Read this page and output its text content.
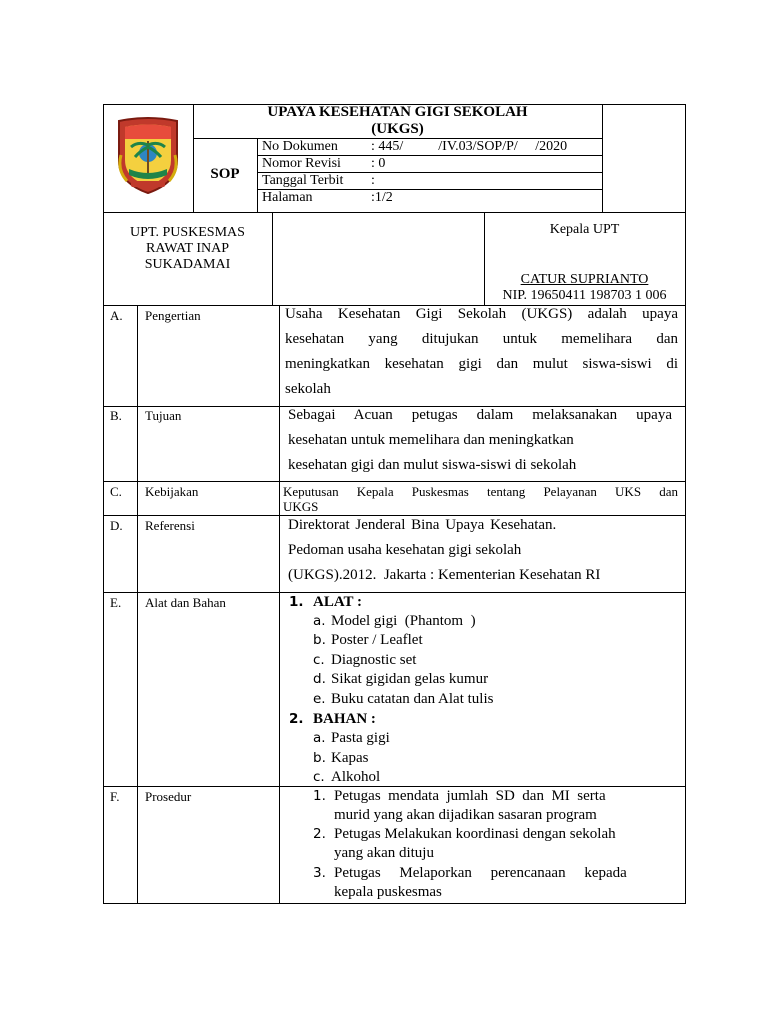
UPAYA KESEHATAN GIGI SEKOLAH
(UKGS)
SOP
No Dokumen : 445/          /IV.03/SOP/P/     /2020
Nomor Revisi : 0
Tanggal Terbit :
Halaman	:1/2
UPT. PUSKESMAS
RAWAT INAP
SUKADAMAI
Kepala UPT
CATUR SUPRIANTO
NIP. 19650411 198703 1 006
A. Pengertian	Usaha Kesehatan Gigi Sekolah (UKGS) adalah upaya
kesehatan yang ditujukan untuk memelihara dan
meningkatkan kesehatan gigi dan mulut siswa-siswi di
sekolah
B. Tujuan	Sebagai Acuan petugas dalam melaksanakan upaya
kesehatan untuk memelihara dan meningkatkan
kesehatan gigi dan mulut siswa-siswi di sekolah
C. Kebijakan	Keputusan Kepala Puskesmas tentang Pelayanan UKS dan
UKGS
D. Referensi	Direktorat Jenderal Bina Upaya Kesehatan.
Pedoman usaha kesehatan gigi sekolah
(UKGS).2012.  Jakarta : Kementerian Kesehatan RI
E. Alat dan Bahan	1. ALAT :
a. Model gigi  (Phantom  )
b. Poster / Leaflet
c. Diagnostic set
d. Sikat gigidan gelas kumur
e. Buku catatan dan Alat tulis
2. BAHAN :
a. Pasta gigi
b. Kapas
c. Alkohol
F. Prosedur	1. Petugas  mendata  jumlah  SD  dan  MI  serta
murid yang akan dijadikan sasaran program
2. Petugas Melakukan koordinasi dengan sekolah
yang akan dituju
3. Petugas     Melaporkan     perencanaan     kepada
kepala puskesmas
